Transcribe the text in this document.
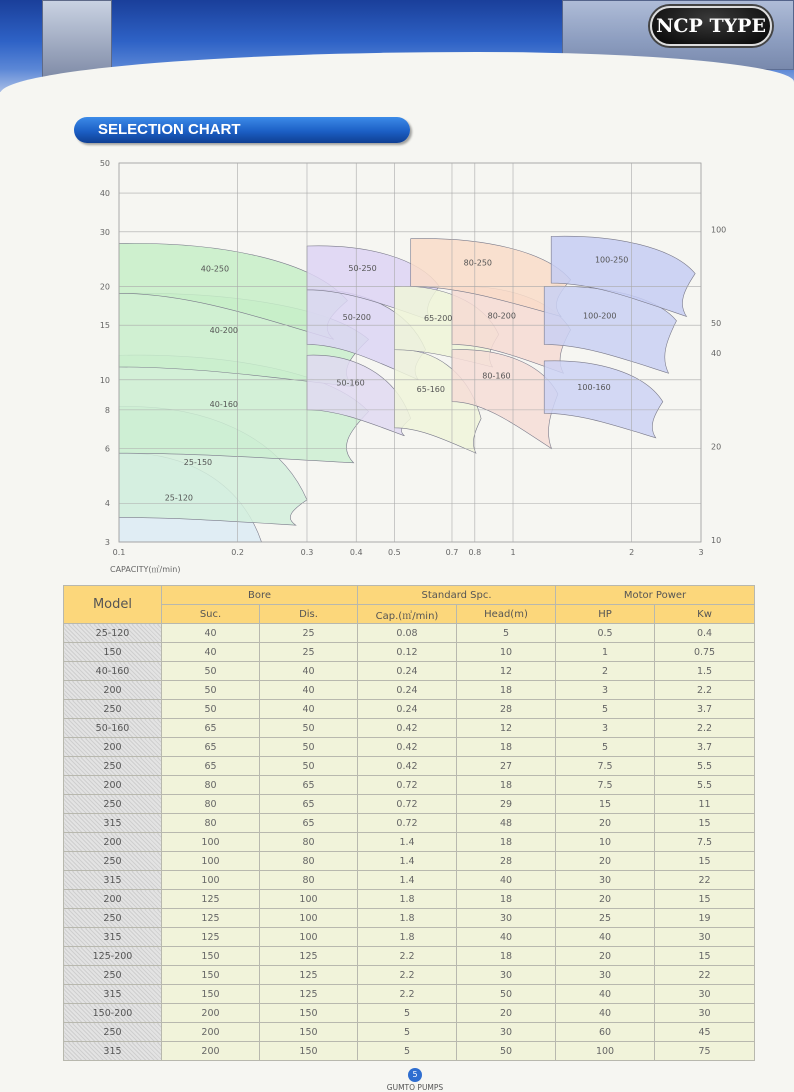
NCP TYPE
SELECTION CHART
0.1	0.2	0.3	0.4	0.5	0.7 0.8	1	2	3
3
4
6
8
10
15
20
30
40
50
10
20
40
50
100
25-120
25-150
40-160
40-200
40-250
50-160
50-200
50-250
65-160
65-200
80-160
80-200
80-250
100-160
100-200
100-250
CAPACITY(㎥/min)
Model	Bore		Standard Spc.		Motor Power	
	Suc.	Dis.	Cap.(㎥/min)	Head(m)	HP	Kw
25-120	40	25	0.08	5	0.5	0.4
150	40	25	0.12	10	1	0.75
40-160	50	40	0.24	12	2	1.5
200	50	40	0.24	18	3	2.2
250	50	40	0.24	28	5	3.7
50-160	65	50	0.42	12	3	2.2
200	65	50	0.42	18	5	3.7
250	65	50	0.42	27	7.5	5.5
200	80	65	0.72	18	7.5	5.5
250	80	65	0.72	29	15	11
315	80	65	0.72	48	20	15
200	100	80	1.4	18	10	7.5
250	100	80	1.4	28	20	15
315	100	80	1.4	40	30	22
200	125	100	1.8	18	20	15
250	125	100	1.8	30	25	19
315	125	100	1.8	40	40	30
125-200	150	125	2.2	18	20	15
250	150	125	2.2	30	30	22
315	150	125	2.2	50	40	30
150-200	200	150	5	20	40	30
250	200	150	5	30	60	45
315	200	150	5	50	100	75
5
GUMTO PUMPS
